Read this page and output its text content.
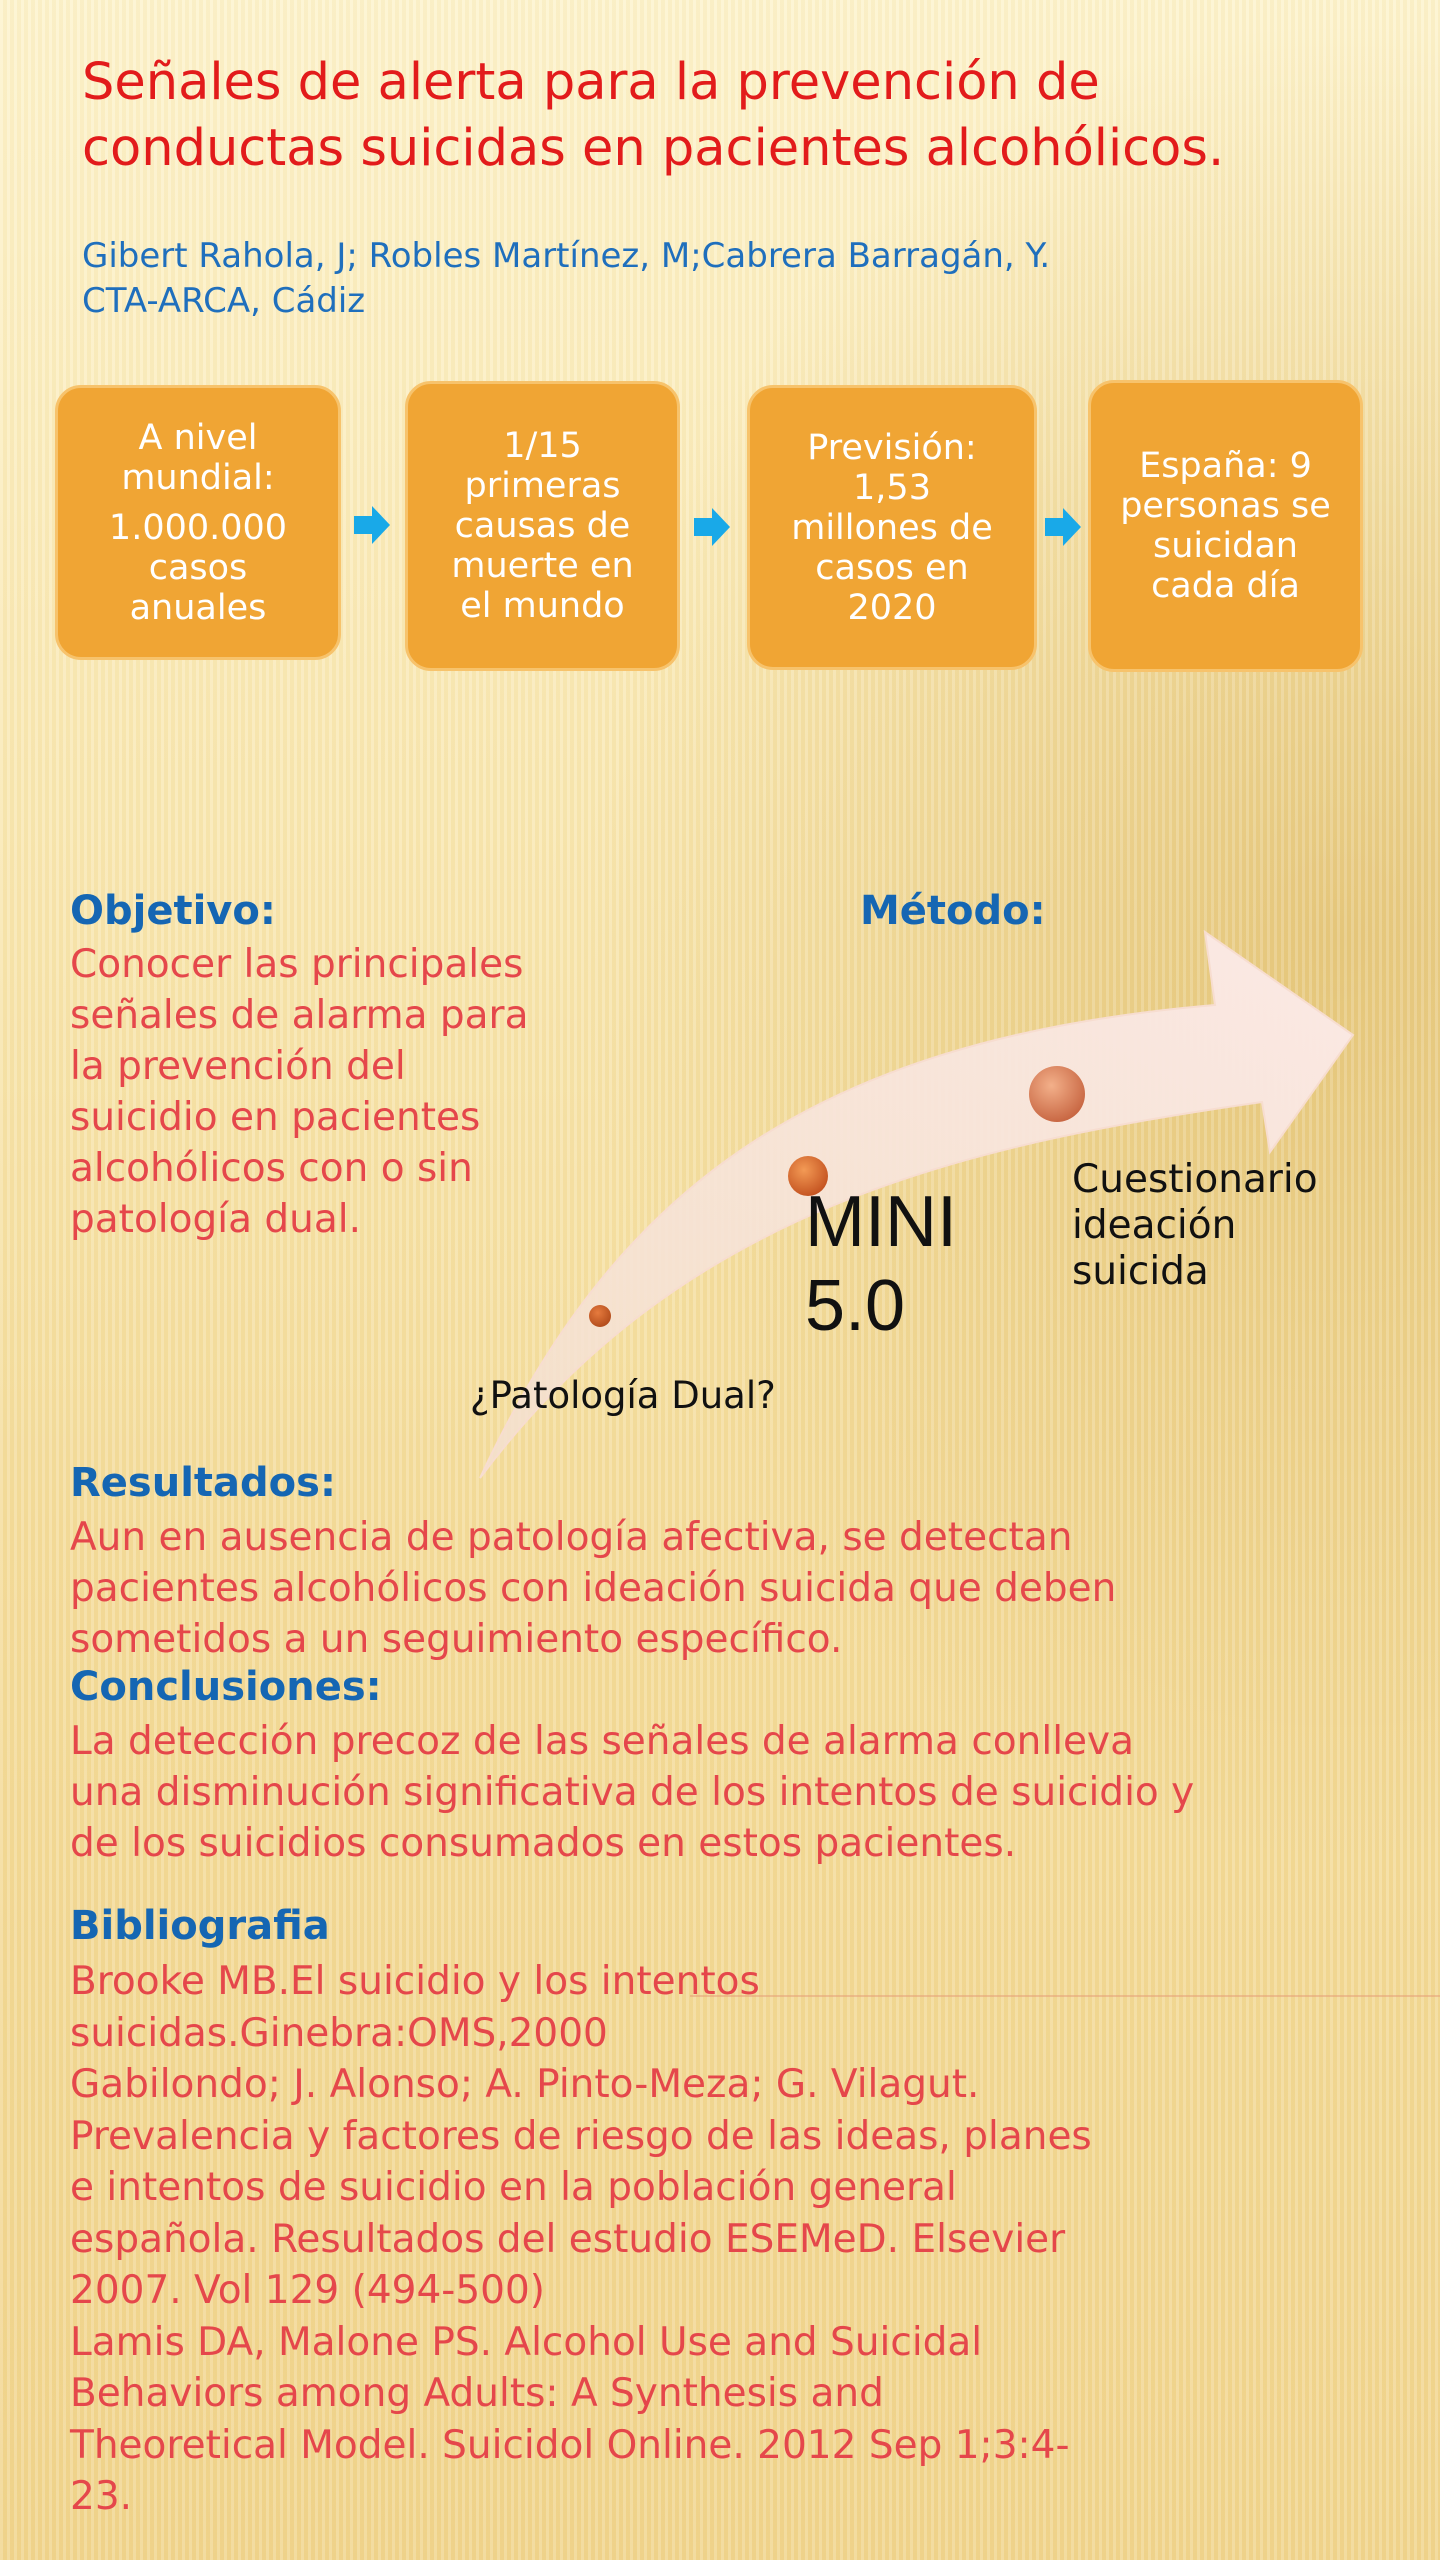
Señales de alerta para la prevención de
conductas suicidas en pacientes alcohólicos.
Gibert Rahola, J; Robles Martínez, M;Cabrera Barragán, Y.
CTA-ARCA, Cádiz
A nivel
mundial:
1.000.000
casos
anuales
1/15
primeras
causas de
muerte en
el mundo
Previsión:
1,53
millones de
casos en
2020
España: 9
personas se
suicidan
cada día
Objetivo:
Conocer las principales
señales de alarma para
la prevención del
suicidio en pacientes
alcohólicos con o sin
patología dual.
Método:
¿Patología Dual?
MINI
5.0
Cuestionario
ideación
suicida
Resultados:
Aun en ausencia de patología afectiva, se detectan
pacientes alcohólicos con ideación suicida que deben
sometidos a un seguimiento específico.
Conclusiones:
La detección precoz de las señales de alarma conlleva
una disminución significativa de los intentos de suicidio y
de los suicidios consumados en estos pacientes.
Bibliografia
Brooke MB.El suicidio y los intentos
suicidas.Ginebra:OMS,2000
Gabilondo; J. Alonso; A. Pinto-Meza; G. Vilagut.
Prevalencia y factores de riesgo de las ideas, planes
e intentos de suicidio en la población general
española. Resultados del estudio ESEMeD. Elsevier
2007. Vol 129 (494-500)
Lamis DA, Malone PS. Alcohol Use and Suicidal
Behaviors among Adults: A Synthesis and
Theoretical Model. Suicidol Online. 2012 Sep 1;3:4-
23.
